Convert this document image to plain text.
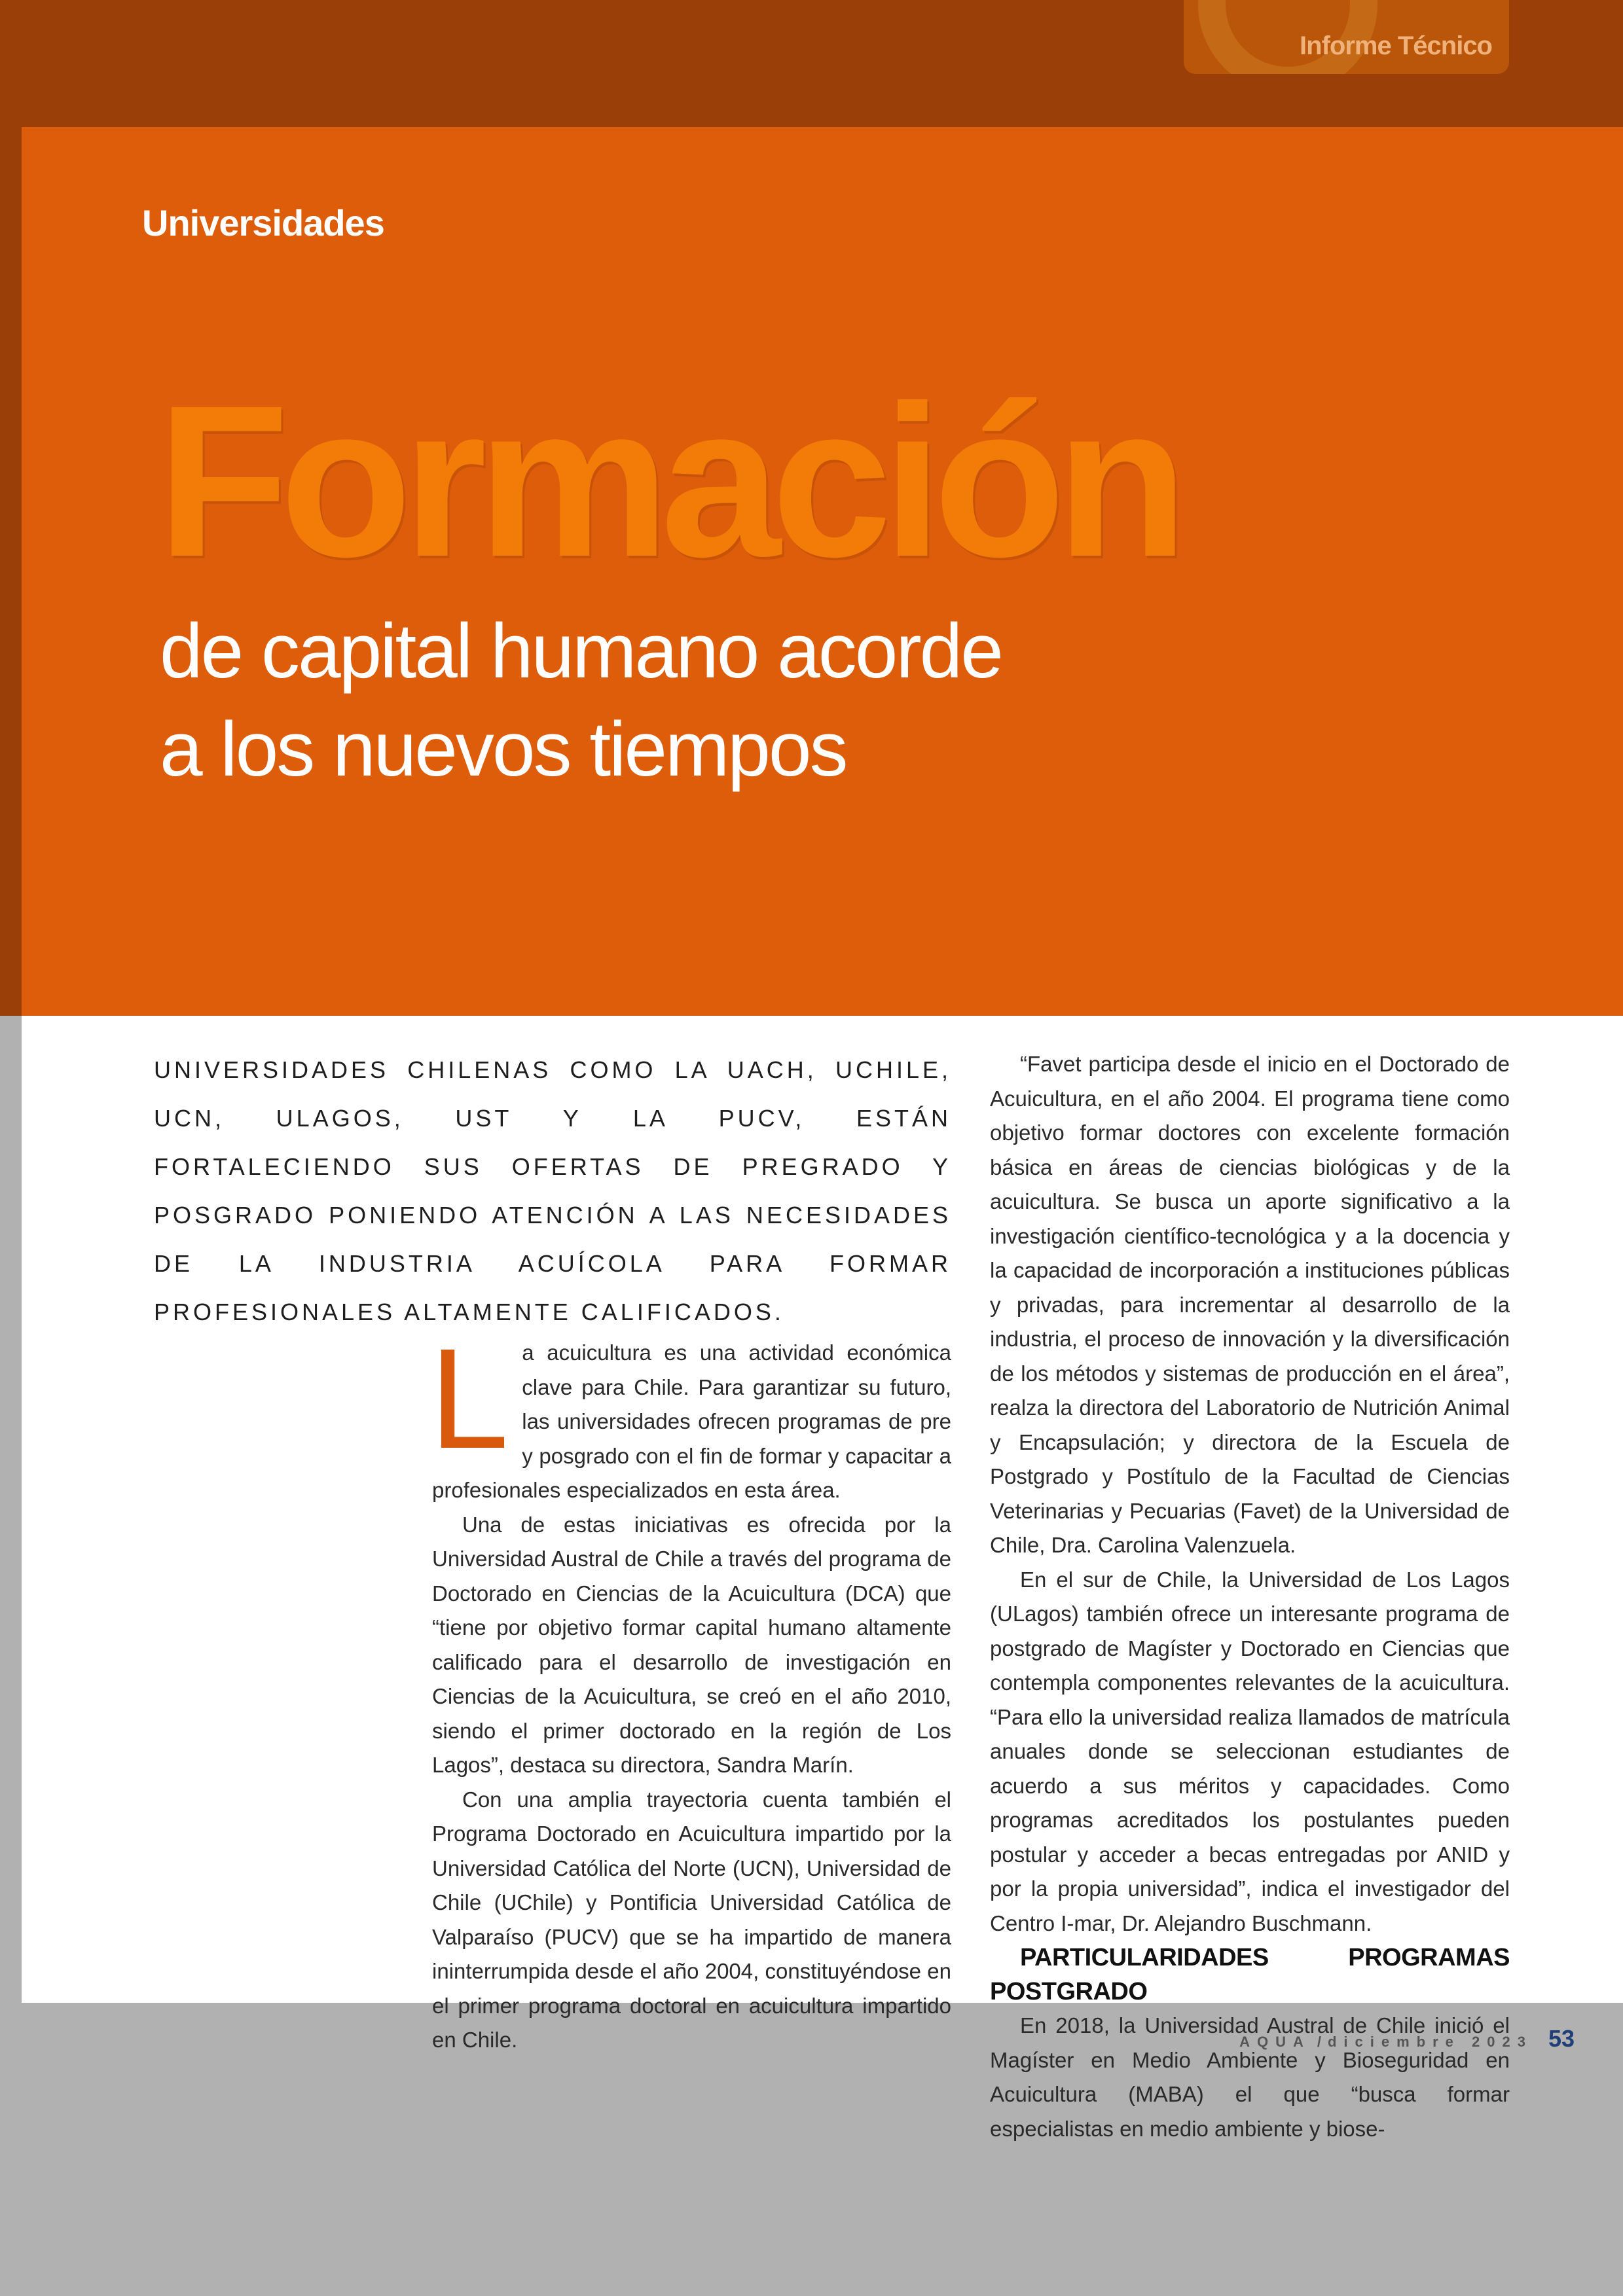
Informe Técnico
Universidades
Formación
de capital humano acorde
a los nuevos tiempos
UNIVERSIDADES CHILENAS COMO LA UACH, UCHILE, UCN, ULAGOS, UST Y LA PUCV, ESTÁN FORTALECIENDO SUS OFERTAS DE PREGRADO Y POSGRADO PONIENDO ATENCIÓN A LAS NECESIDADES DE LA INDUSTRIA ACUÍCOLA PARA FORMAR PROFESIONALES ALTAMENTE CALIFICADOS.

La acuicultura es una actividad económica clave para Chile. Para garantizar su futuro, las universidades ofrecen programas de pre y posgrado con el fin de formar y capacitar a profesionales especializados en esta área.

Una de estas iniciativas es ofrecida por la Universidad Austral de Chile a través del programa de Doctorado en Ciencias de la Acuicultura (DCA) que “tiene por objetivo formar capital humano altamente calificado para el desarrollo de investigación en Ciencias de la Acuicultura, se creó en el año 2010, siendo el primer doctorado en la región de Los Lagos”, destaca su directora, Sandra Marín.

Con una amplia trayectoria cuenta también el Programa Doctorado en Acuicultura impartido por la Universidad Católica del Norte (UCN), Universidad de Chile (UChile) y Pontificia Universidad Católica de Valparaíso (PUCV) que se ha impartido de manera ininterrumpida desde el año 2004, constituyéndose en el primer programa doctoral en acuicultura impartido en Chile.

“Favet participa desde el inicio en el Doctorado de Acuicultura, en el año 2004. El programa tiene como objetivo formar doctores con excelente formación básica en áreas de ciencias biológicas y de la acuicultura. Se busca un aporte significativo a la investigación científico-tecnológica y a la docencia y la capacidad de incorporación a instituciones públicas y privadas, para incrementar al desarrollo de la industria, el proceso de innovación y la diversificación de los métodos y sistemas de producción en el área”, realza la directora del Laboratorio de Nutrición Animal y Encapsulación; y directora de la Escuela de Postgrado y Postítulo de la Facultad de Ciencias Veterinarias y Pecuarias (Favet) de la Universidad de Chile, Dra. Carolina Valenzuela.

En el sur de Chile, la Universidad de Los Lagos (ULagos) también ofrece un interesante programa de postgrado de Magíster y Doctorado en Ciencias que contempla componentes relevantes de la acuicultura. “Para ello la universidad realiza llamados de matrícula anuales donde se seleccionan estudiantes de acuerdo a sus méritos y capacidades. Como programas acreditados los postulantes pueden postular y acceder a becas entregadas por ANID y por la propia universidad”, indica el investigador del Centro I-mar, Dr. Alejandro Buschmann.

PARTICULARIDADES PROGRAMAS POSTGRADO

En 2018, la Universidad Austral de Chile inició el Magíster en Medio Ambiente y Bioseguridad en Acuicultura (MABA) el que “busca formar especialistas en medio ambiente y biose-

AQUA / diciembre 2023 53
